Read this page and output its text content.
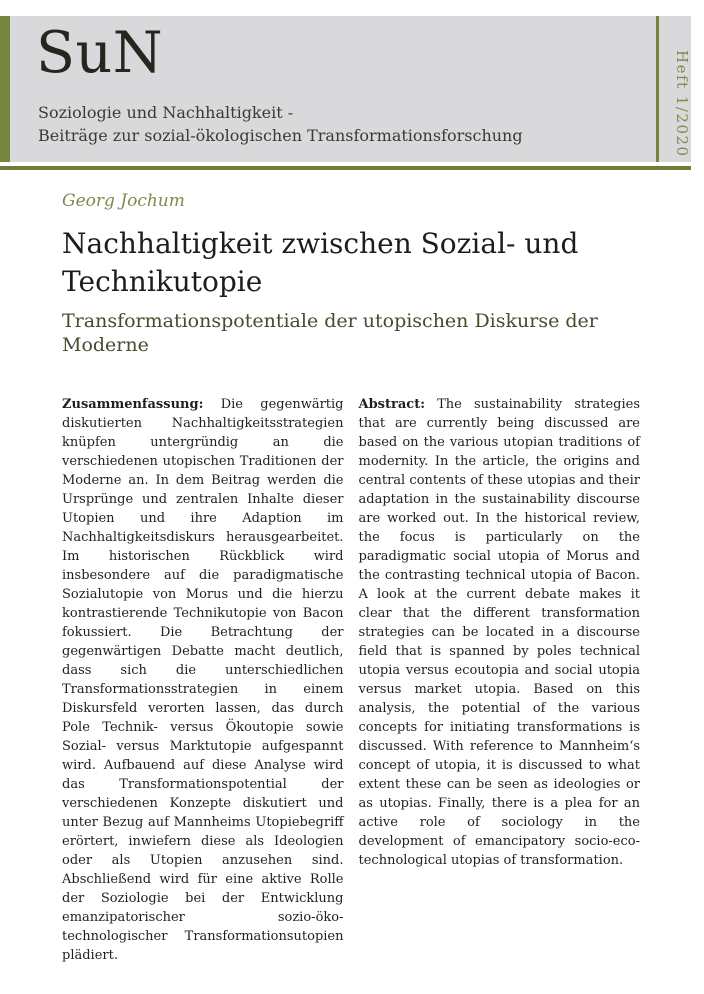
SuN
Soziologie und Nachhaltigkeit -
Beiträge zur sozial-ökologischen Transformationsforschung	Heft 1/2020

Georg Jochum

Nachhaltigkeit zwischen Sozial- und Technikutopie

Transformationspotentiale der utopischen Diskurse der Moderne

Zusammenfassung: Die gegenwärtig diskutierten Nachhaltigkeitsstrategien knüpfen untergründig an die verschiedenen utopischen Traditionen der Moderne an. In dem Beitrag werden die Ursprünge und zentralen Inhalte dieser Utopien und ihre Adaption im Nachhaltigkeitsdiskurs herausgearbeitet. Im historischen Rückblick wird insbesondere auf die paradigmatische Sozialutopie von Morus und die hierzu kontrastierende Technikutopie von Bacon fokussiert. Die Betrachtung der gegenwärtigen Debatte macht deutlich, dass sich die unterschiedlichen Transformationsstrategien in einem Diskursfeld verorten lassen, das durch Pole Technik- versus Ökoutopie sowie Sozial- versus Marktutopie aufgespannt wird. Aufbauend auf diese Analyse wird das Transformationspotential der verschiedenen Konzepte diskutiert und unter Bezug auf Mannheims Utopiebegriff erörtert, inwiefern diese als Ideologien oder als Utopien anzusehen sind. Abschließend wird für eine aktive Rolle der Soziologie bei der Entwicklung emanzipatorischer sozio-öko-technologischer Transformationsutopien plädiert.

Abstract: The sustainability strategies that are currently being discussed are based on the various utopian traditions of modernity. In the article, the origins and central contents of these utopias and their adaptation in the sustainability discourse are worked out. In the historical review, the focus is particularly on the paradigmatic social utopia of Morus and the contrasting technical utopia of Bacon. A look at the current debate makes it clear that the different transformation strategies can be located in a discourse field that is spanned by poles technical utopia versus ecoutopia and social utopia versus market utopia. Based on this analysis, the potential of the various concepts for initiating transformations is discussed. With reference to Mannheim‘s concept of utopia, it is discussed to what extent these can be seen as ideologies or as utopias. Finally, there is a plea for an active role of sociology in the development of emancipatory socio-eco-technological utopias of transformation.
